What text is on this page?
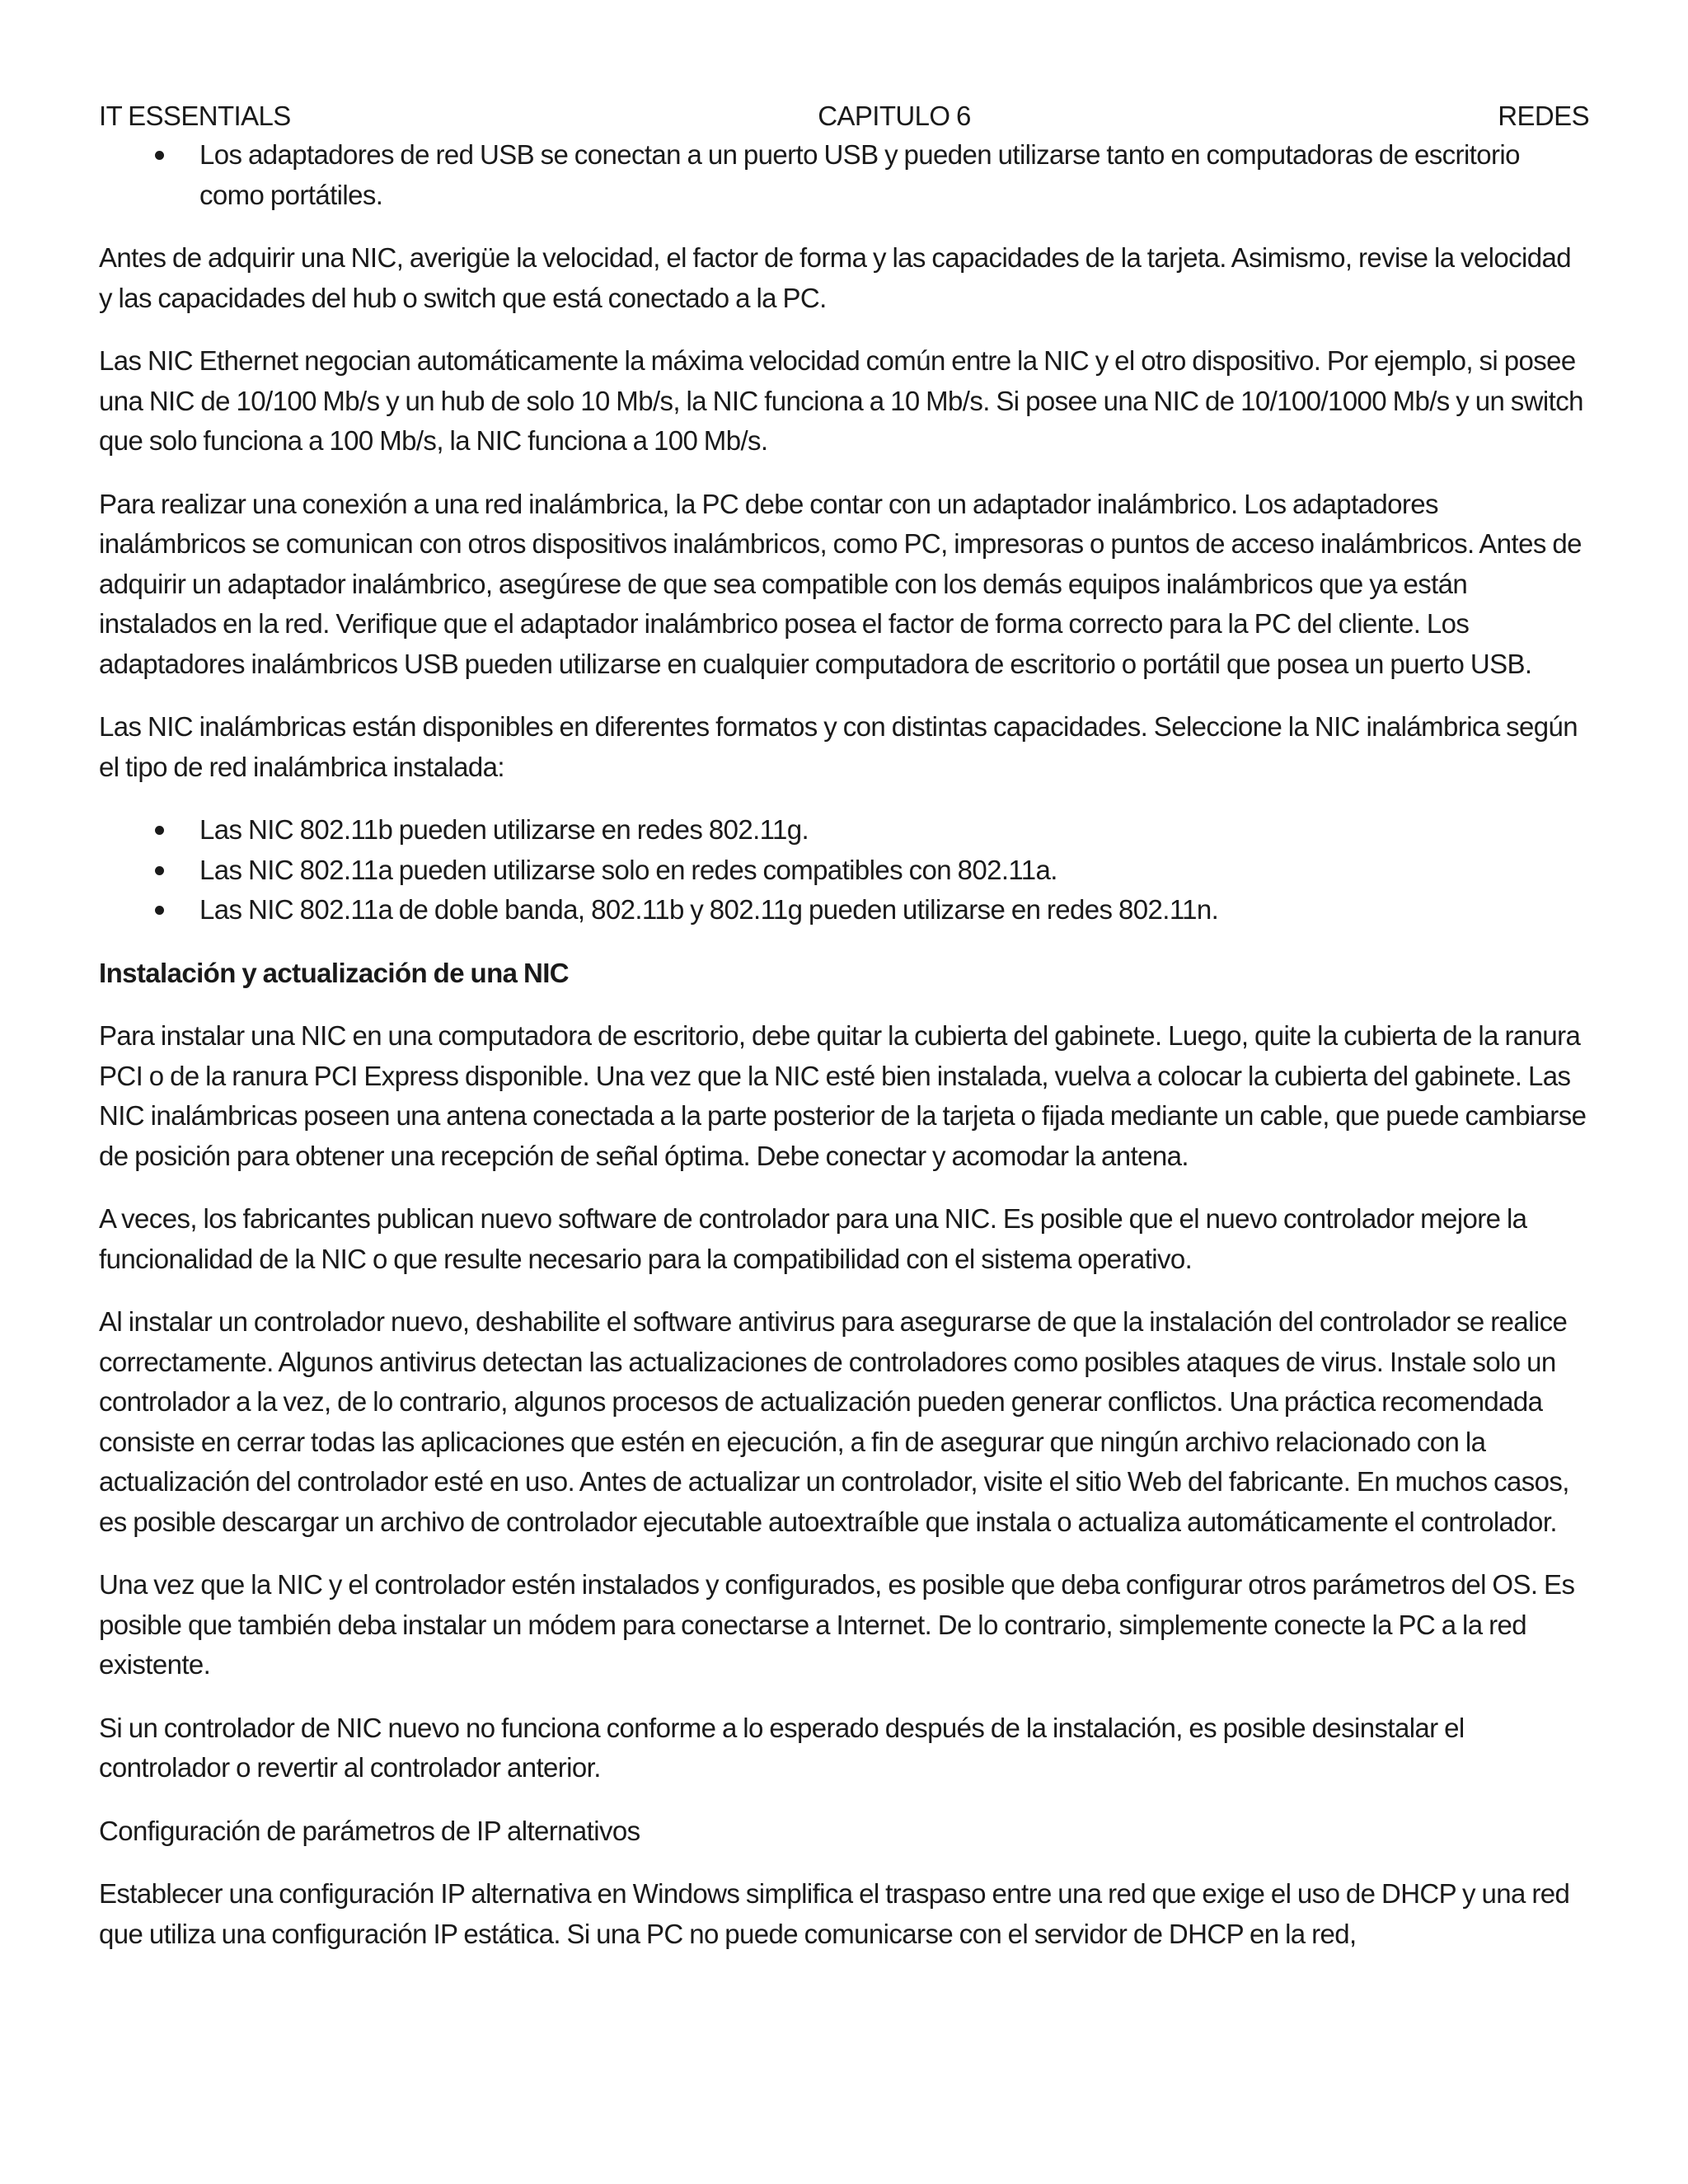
IT ESSENTIALS	CAPITULO 6	REDES
Los adaptadores de red USB se conectan a un puerto USB y pueden utilizarse tanto en computadoras de escritorio como portátiles.

Antes de adquirir una NIC, averigüe la velocidad, el factor de forma y las capacidades de la tarjeta. Asimismo, revise la velocidad y las capacidades del hub o switch que está conectado a la PC.

Las NIC Ethernet negocian automáticamente la máxima velocidad común entre la NIC y el otro dispositivo. Por ejemplo, si posee una NIC de 10/100 Mb/s y un hub de solo 10 Mb/s, la NIC funciona a 10 Mb/s. Si posee una NIC de 10/100/1000 Mb/s y un switch que solo funciona a 100 Mb/s, la NIC funciona a 100 Mb/s.

Para realizar una conexión a una red inalámbrica, la PC debe contar con un adaptador inalámbrico. Los adaptadores inalámbricos se comunican con otros dispositivos inalámbricos, como PC, impresoras o puntos de acceso inalámbricos. Antes de adquirir un adaptador inalámbrico, asegúrese de que sea compatible con los demás equipos inalámbricos que ya están instalados en la red. Verifique que el adaptador inalámbrico posea el factor de forma correcto para la PC del cliente. Los adaptadores inalámbricos USB pueden utilizarse en cualquier computadora de escritorio o portátil que posea un puerto USB.

Las NIC inalámbricas están disponibles en diferentes formatos y con distintas capacidades. Seleccione la NIC inalámbrica según el tipo de red inalámbrica instalada:

Las NIC 802.11b pueden utilizarse en redes 802.11g.
Las NIC 802.11a pueden utilizarse solo en redes compatibles con 802.11a.
Las NIC 802.11a de doble banda, 802.11b y 802.11g pueden utilizarse en redes 802.11n.

Instalación y actualización de una NIC

Para instalar una NIC en una computadora de escritorio, debe quitar la cubierta del gabinete. Luego, quite la cubierta de la ranura PCI o de la ranura PCI Express disponible. Una vez que la NIC esté bien instalada, vuelva a colocar la cubierta del gabinete. Las NIC inalámbricas poseen una antena conectada a la parte posterior de la tarjeta o fijada mediante un cable, que puede cambiarse de posición para obtener una recepción de señal óptima. Debe conectar y acomodar la antena.

A veces, los fabricantes publican nuevo software de controlador para una NIC. Es posible que el nuevo controlador mejore la funcionalidad de la NIC o que resulte necesario para la compatibilidad con el sistema operativo.

Al instalar un controlador nuevo, deshabilite el software antivirus para asegurarse de que la instalación del controlador se realice correctamente. Algunos antivirus detectan las actualizaciones de controladores como posibles ataques de virus. Instale solo un controlador a la vez, de lo contrario, algunos procesos de actualización pueden generar conflictos. Una práctica recomendada consiste en cerrar todas las aplicaciones que estén en ejecución, a fin de asegurar que ningún archivo relacionado con la actualización del controlador esté en uso. Antes de actualizar un controlador, visite el sitio Web del fabricante. En muchos casos, es posible descargar un archivo de controlador ejecutable autoextraíble que instala o actualiza automáticamente el controlador.

Una vez que la NIC y el controlador estén instalados y configurados, es posible que deba configurar otros parámetros del OS. Es posible que también deba instalar un módem para conectarse a Internet. De lo contrario, simplemente conecte la PC a la red existente.

Si un controlador de NIC nuevo no funciona conforme a lo esperado después de la instalación, es posible desinstalar el controlador o revertir al controlador anterior.

Configuración de parámetros de IP alternativos

Establecer una configuración IP alternativa en Windows simplifica el traspaso entre una red que exige el uso de DHCP y una red que utiliza una configuración IP estática. Si una PC no puede comunicarse con el servidor de DHCP en la red,
